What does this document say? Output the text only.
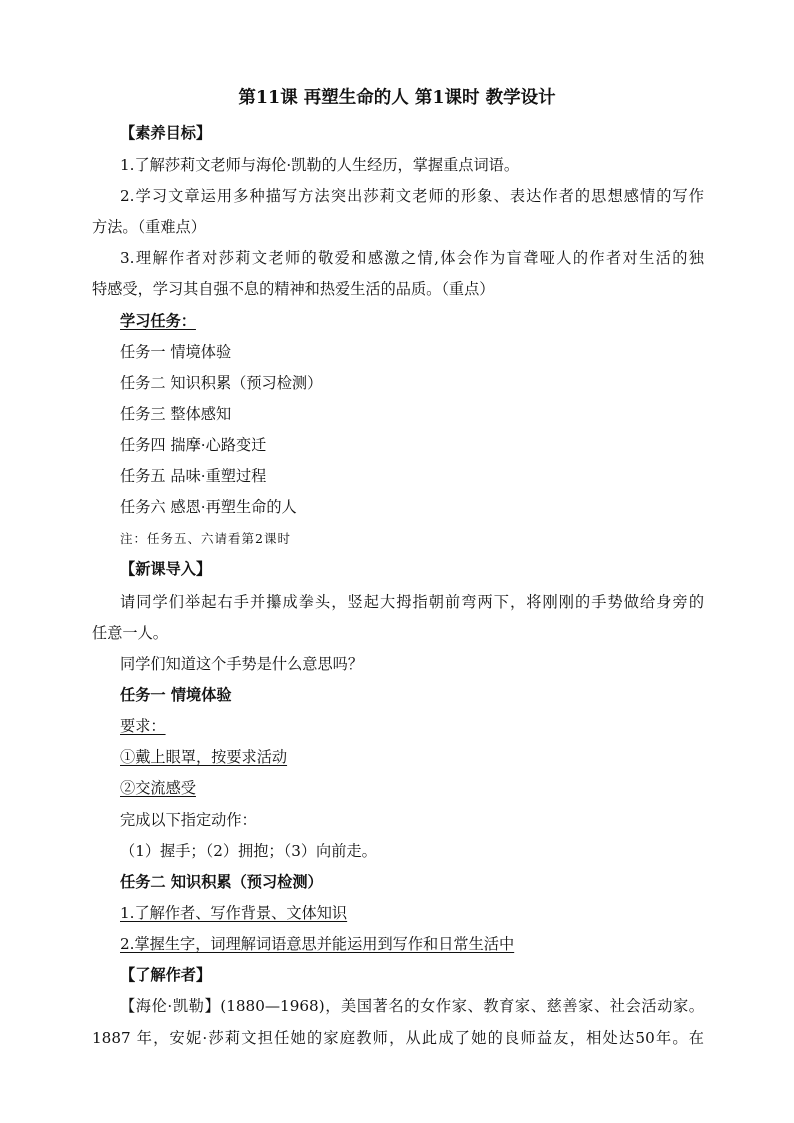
第11课 再塑生命的人 第1课时 教学设计
【素养目标】
1.了解莎莉文老师与海伦·凯勒的人生经历，掌握重点词语。
2.学习文章运用多种描写方法突出莎莉文老师的形象、表达作者的思想感情的写作
方法。（重难点）
3.理解作者对莎莉文老师的敬爱和感激之情,体会作为盲聋哑人的作者对生活的独
特感受，学习其自强不息的精神和热爱生活的品质。（重点）
学习任务：
任务一 情境体验
任务二 知识积累（预习检测）
任务三 整体感知
任务四 揣摩·心路变迁
任务五 品味·重塑过程
任务六 感恩·再塑生命的人
注：任务五、六请看第2课时
【新课导入】
请同学们举起右手并攥成拳头，竖起大拇指朝前弯两下，将刚刚的手势做给身旁的
任意一人。
同学们知道这个手势是什么意思吗？
任务一 情境体验
要求：
①戴上眼罩，按要求活动
②交流感受
完成以下指定动作：
（1）握手；（2）拥抱；（3）向前走。
任务二 知识积累（预习检测）
1.了解作者、写作背景、文体知识
2.掌握生字，词理解词语意思并能运用到写作和日常生活中
【了解作者】
【海伦·凯勒】(1880—1968)，美国著名的女作家、教育家、慈善家、社会活动家。
1887 年，安妮·莎莉文担任她的家庭教师，从此成了她的良师益友，相处达50年。在
